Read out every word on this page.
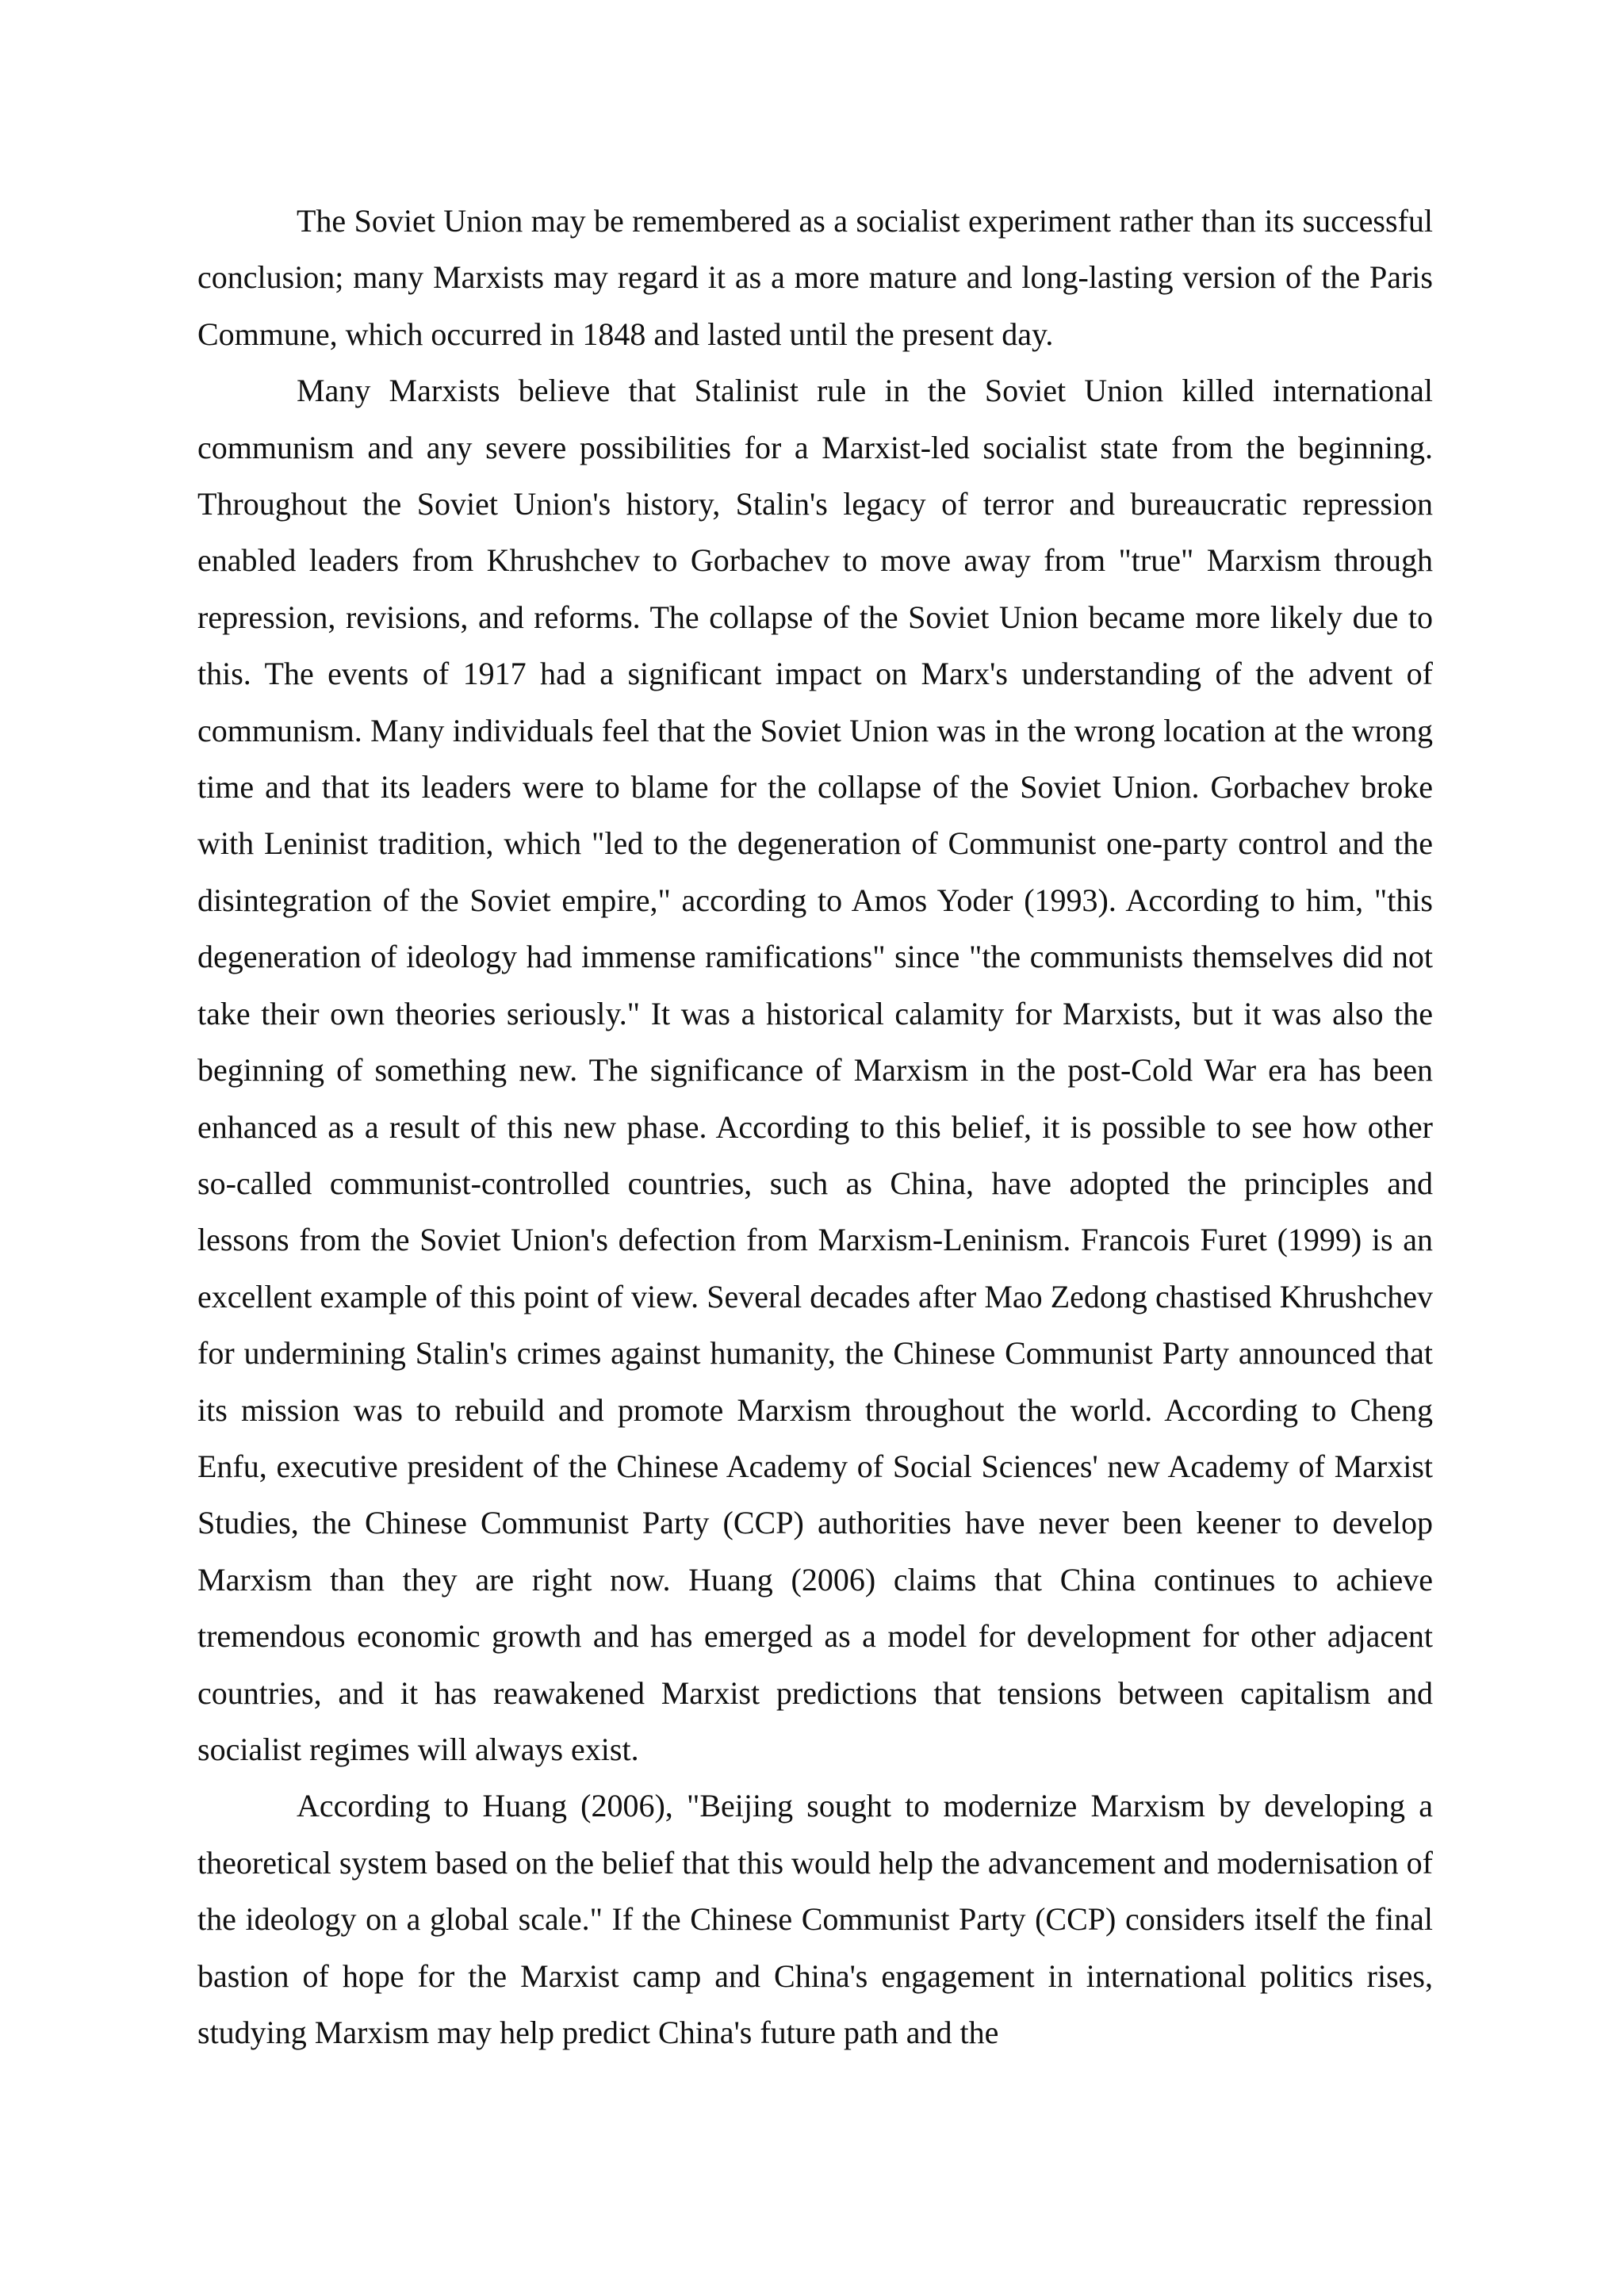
The Soviet Union may be remembered as a socialist experiment rather than its successful conclusion; many Marxists may regard it as a more mature and long-lasting version of the Paris Commune, which occurred in 1848 and lasted until the present day.

Many Marxists believe that Stalinist rule in the Soviet Union killed international communism and any severe possibilities for a Marxist-led socialist state from the beginning. Throughout the Soviet Union's history, Stalin's legacy of terror and bureaucratic repression enabled leaders from Khrushchev to Gorbachev to move away from "true" Marxism through repression, revisions, and reforms. The collapse of the Soviet Union became more likely due to this. The events of 1917 had a significant impact on Marx's understanding of the advent of communism. Many individuals feel that the Soviet Union was in the wrong location at the wrong time and that its leaders were to blame for the collapse of the Soviet Union. Gorbachev broke with Leninist tradition, which "led to the degeneration of Communist one-party control and the disintegration of the Soviet empire," according to Amos Yoder (1993). According to him, "this degeneration of ideology had immense ramifications" since "the communists themselves did not take their own theories seriously." It was a historical calamity for Marxists, but it was also the beginning of something new. The significance of Marxism in the post-Cold War era has been enhanced as a result of this new phase. According to this belief, it is possible to see how other so-called communist-controlled countries, such as China, have adopted the principles and lessons from the Soviet Union's defection from Marxism-Leninism. Francois Furet (1999) is an excellent example of this point of view. Several decades after Mao Zedong chastised Khrushchev for undermining Stalin's crimes against humanity, the Chinese Communist Party announced that its mission was to rebuild and promote Marxism throughout the world. According to Cheng Enfu, executive president of the Chinese Academy of Social Sciences' new Academy of Marxist Studies, the Chinese Communist Party (CCP) authorities have never been keener to develop Marxism than they are right now. Huang (2006) claims that China continues to achieve tremendous economic growth and has emerged as a model for development for other adjacent countries, and it has reawakened Marxist predictions that tensions between capitalism and socialist regimes will always exist.

According to Huang (2006), "Beijing sought to modernize Marxism by developing a theoretical system based on the belief that this would help the advancement and modernisation of the ideology on a global scale." If the Chinese Communist Party (CCP) considers itself the final bastion of hope for the Marxist camp and China's engagement in international politics rises, studying Marxism may help predict China's future path and the
